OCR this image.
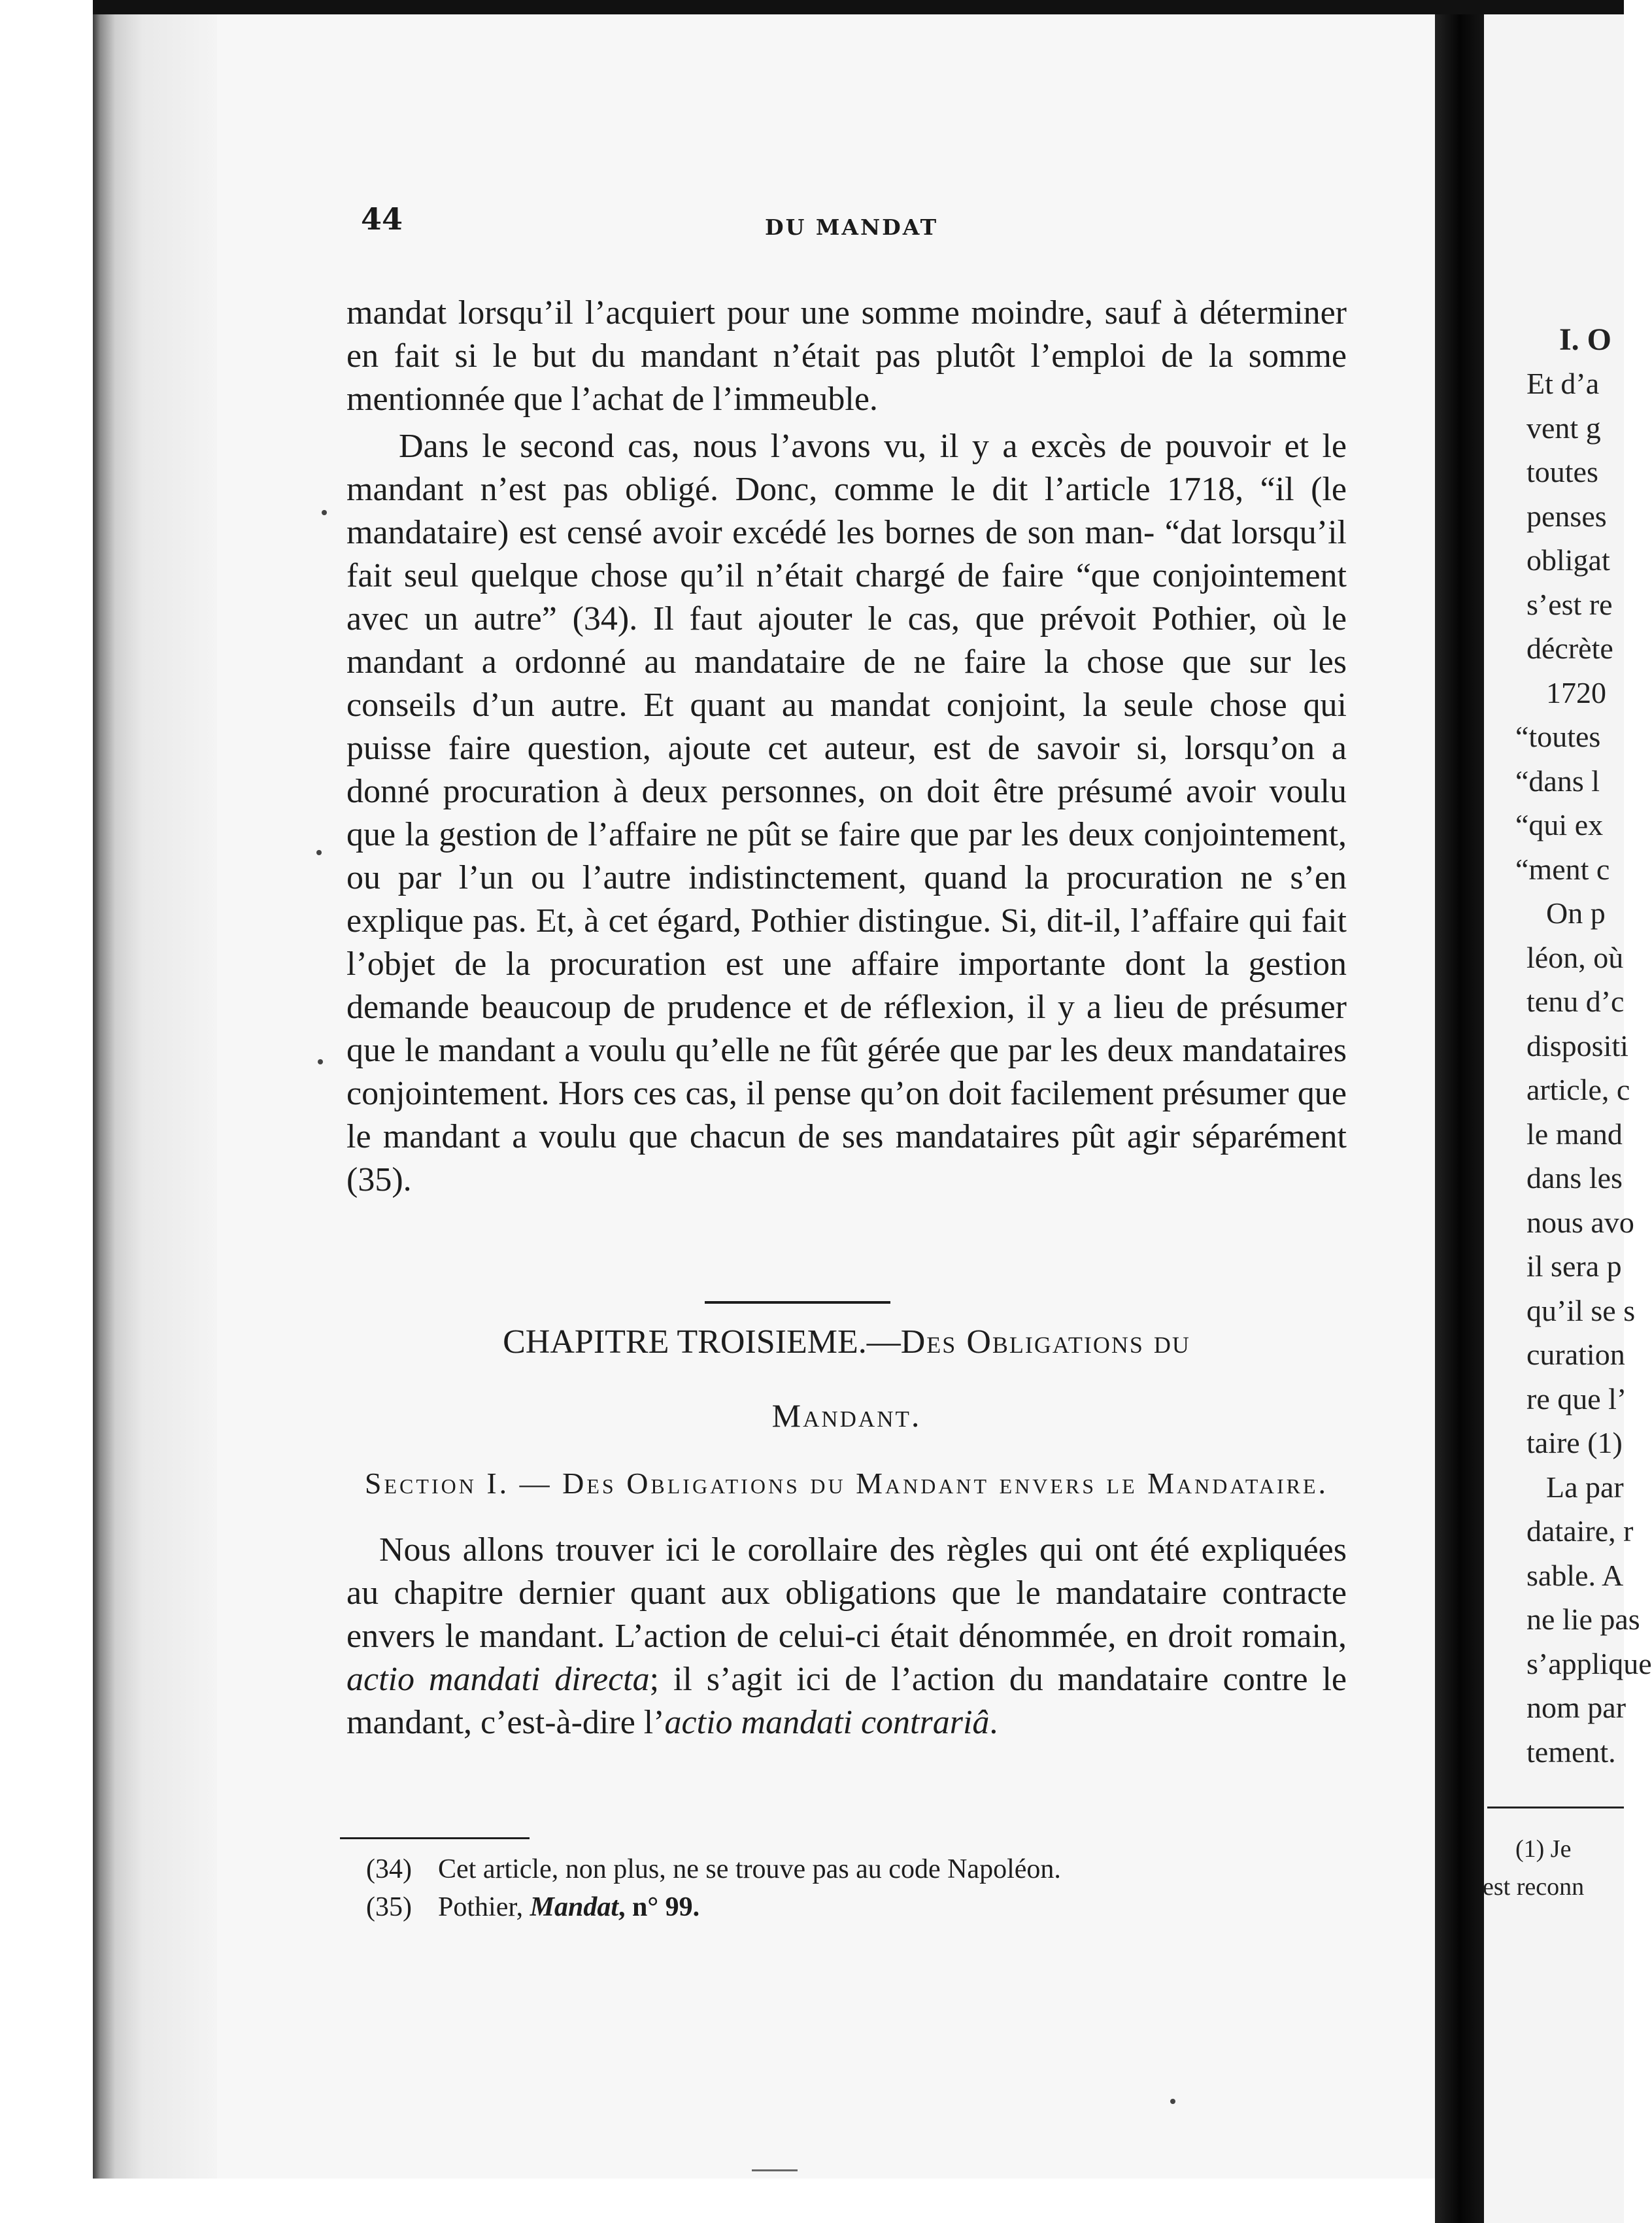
44	DU MANDAT

mandat lorsqu’il l’acquiert pour une somme moindre, sauf à déterminer en fait si le but du mandant n’était pas plutôt l’emploi de la somme mentionnée que l’achat de l’immeuble.

Dans le second cas, nous l’avons vu, il y a excès de pouvoir et le mandant n’est pas obligé. Donc, comme le dit l’article 1718, “il (le mandataire) est censé avoir excédé les bornes de son man- “dat lorsqu’il fait seul quelque chose qu’il n’était chargé de faire “que conjointement avec un autre” (34). Il faut ajouter le cas, que prévoit Pothier, où le mandant a ordonné au mandataire de ne faire la chose que sur les conseils d’un autre. Et quant au mandat conjoint, la seule chose qui puisse faire question, ajoute cet auteur, est de savoir si, lorsqu’on a donné procuration à deux personnes, on doit être présumé avoir voulu que la gestion de l’affaire ne pût se faire que par les deux conjointement, ou par l’un ou l’autre indistinctement, quand la procuration ne s’en explique pas. Et, à cet égard, Pothier distingue. Si, dit-il, l’affaire qui fait l’objet de la procuration est une affaire importante dont la gestion demande beaucoup de prudence et de réflexion, il y a lieu de présumer que le mandant a voulu qu’elle ne fût gérée que par les deux mandataires conjointement. Hors ces cas, il pense qu’on doit facilement présumer que le mandant a voulu que chacun de ses mandataires pût agir séparément (35).

CHAPITRE TROISIEME.—Des Obligations du

Mandant.

Section I. — Des Obligations du Mandant envers le Mandataire.

Nous allons trouver ici le corollaire des règles qui ont été expliquées au chapitre dernier quant aux obligations que le mandataire contracte envers le mandant. L’action de celui-ci était dénommée, en droit romain, actio mandati directa; il s’agit ici de l’action du mandataire contre le mandant, c’est-à-dire l’actio mandati contrariâ.

(34) Cet article, non plus, ne se trouve pas au code Napoléon.

(35) Pothier, Mandat, n° 99.

I. O
Et d’a
vent g
toutes
penses
obligat
s’est re
décrète
1720
“toutes
“dans l
“qui ex
“ment c
On p
léon, où
tenu d’c
dispositi
article, c
le mand
dans les
nous avo
il sera p
qu’il se s
curation
re que l’
taire (1)
La par
dataire, r
sable. A
ne lie pas
s’applique
nom par
tement.
(1) Je
est reconn
